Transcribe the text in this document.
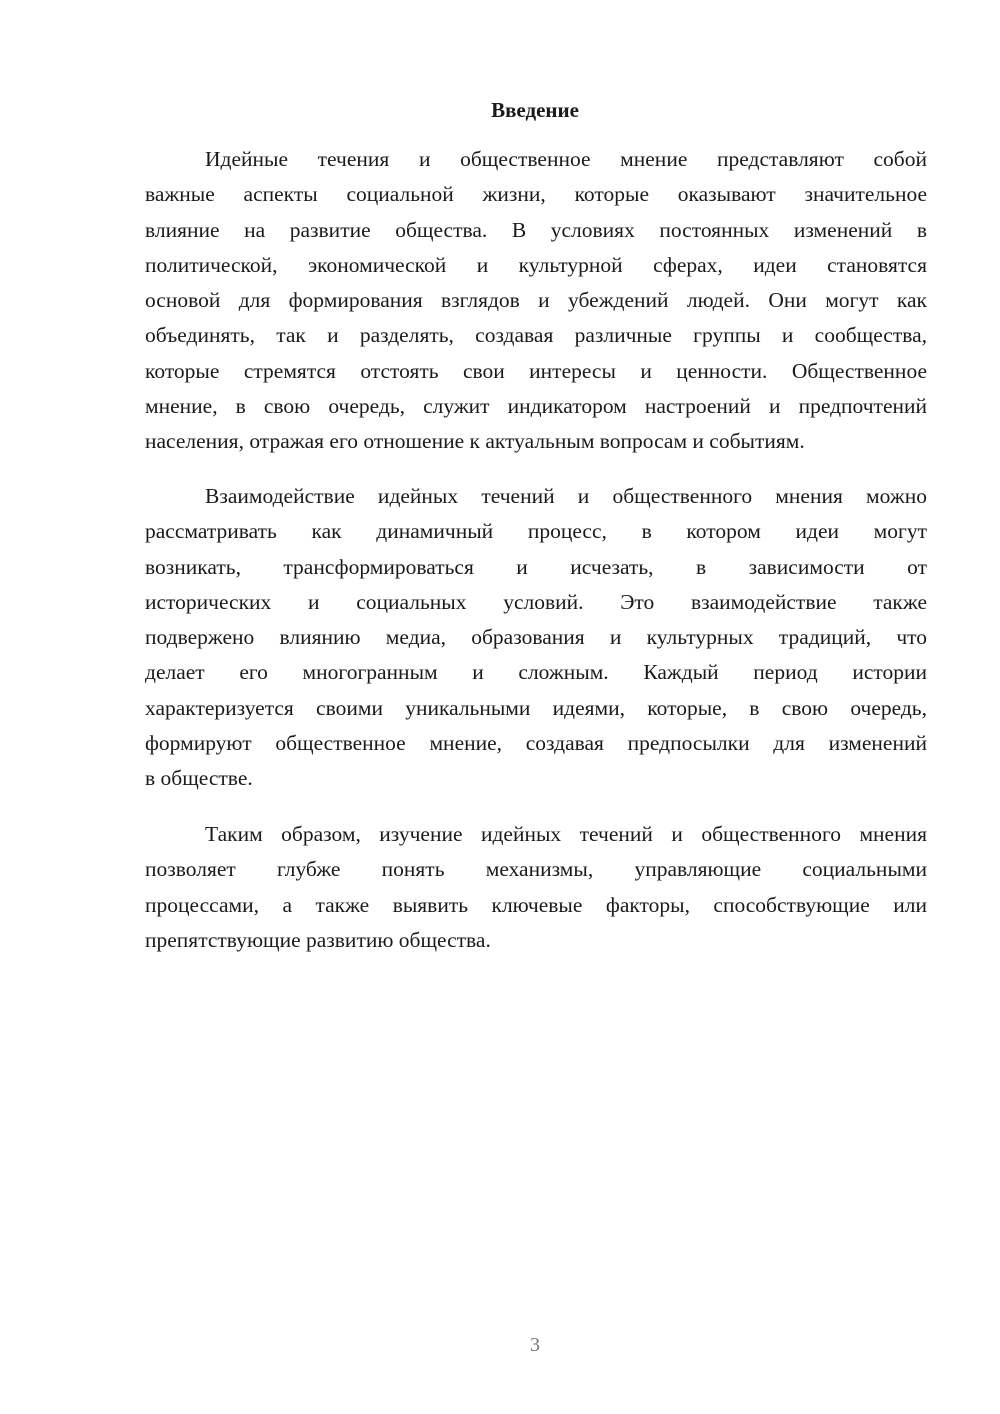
Введение
Идейные течения и общественное мнение представляют собой
важные аспекты социальной жизни, которые оказывают значительное
влияние на развитие общества. В условиях постоянных изменений в
политической, экономической и культурной сферах, идеи становятся
основой для формирования взглядов и убеждений людей. Они могут как
объединять, так и разделять, создавая различные группы и сообщества,
которые стремятся отстоять свои интересы и ценности. Общественное
мнение, в свою очередь, служит индикатором настроений и предпочтений
населения, отражая его отношение к актуальным вопросам и событиям.
Взаимодействие идейных течений и общественного мнения можно
рассматривать как динамичный процесс, в котором идеи могут
возникать, трансформироваться и исчезать, в зависимости от
исторических и социальных условий. Это взаимодействие также
подвержено влиянию медиа, образования и культурных традиций, что
делает его многогранным и сложным. Каждый период истории
характеризуется своими уникальными идеями, которые, в свою очередь,
формируют общественное мнение, создавая предпосылки для изменений
в обществе.
Таким образом, изучение идейных течений и общественного мнения
позволяет глубже понять механизмы, управляющие социальными
процессами, а также выявить ключевые факторы, способствующие или
препятствующие развитию общества.
3
